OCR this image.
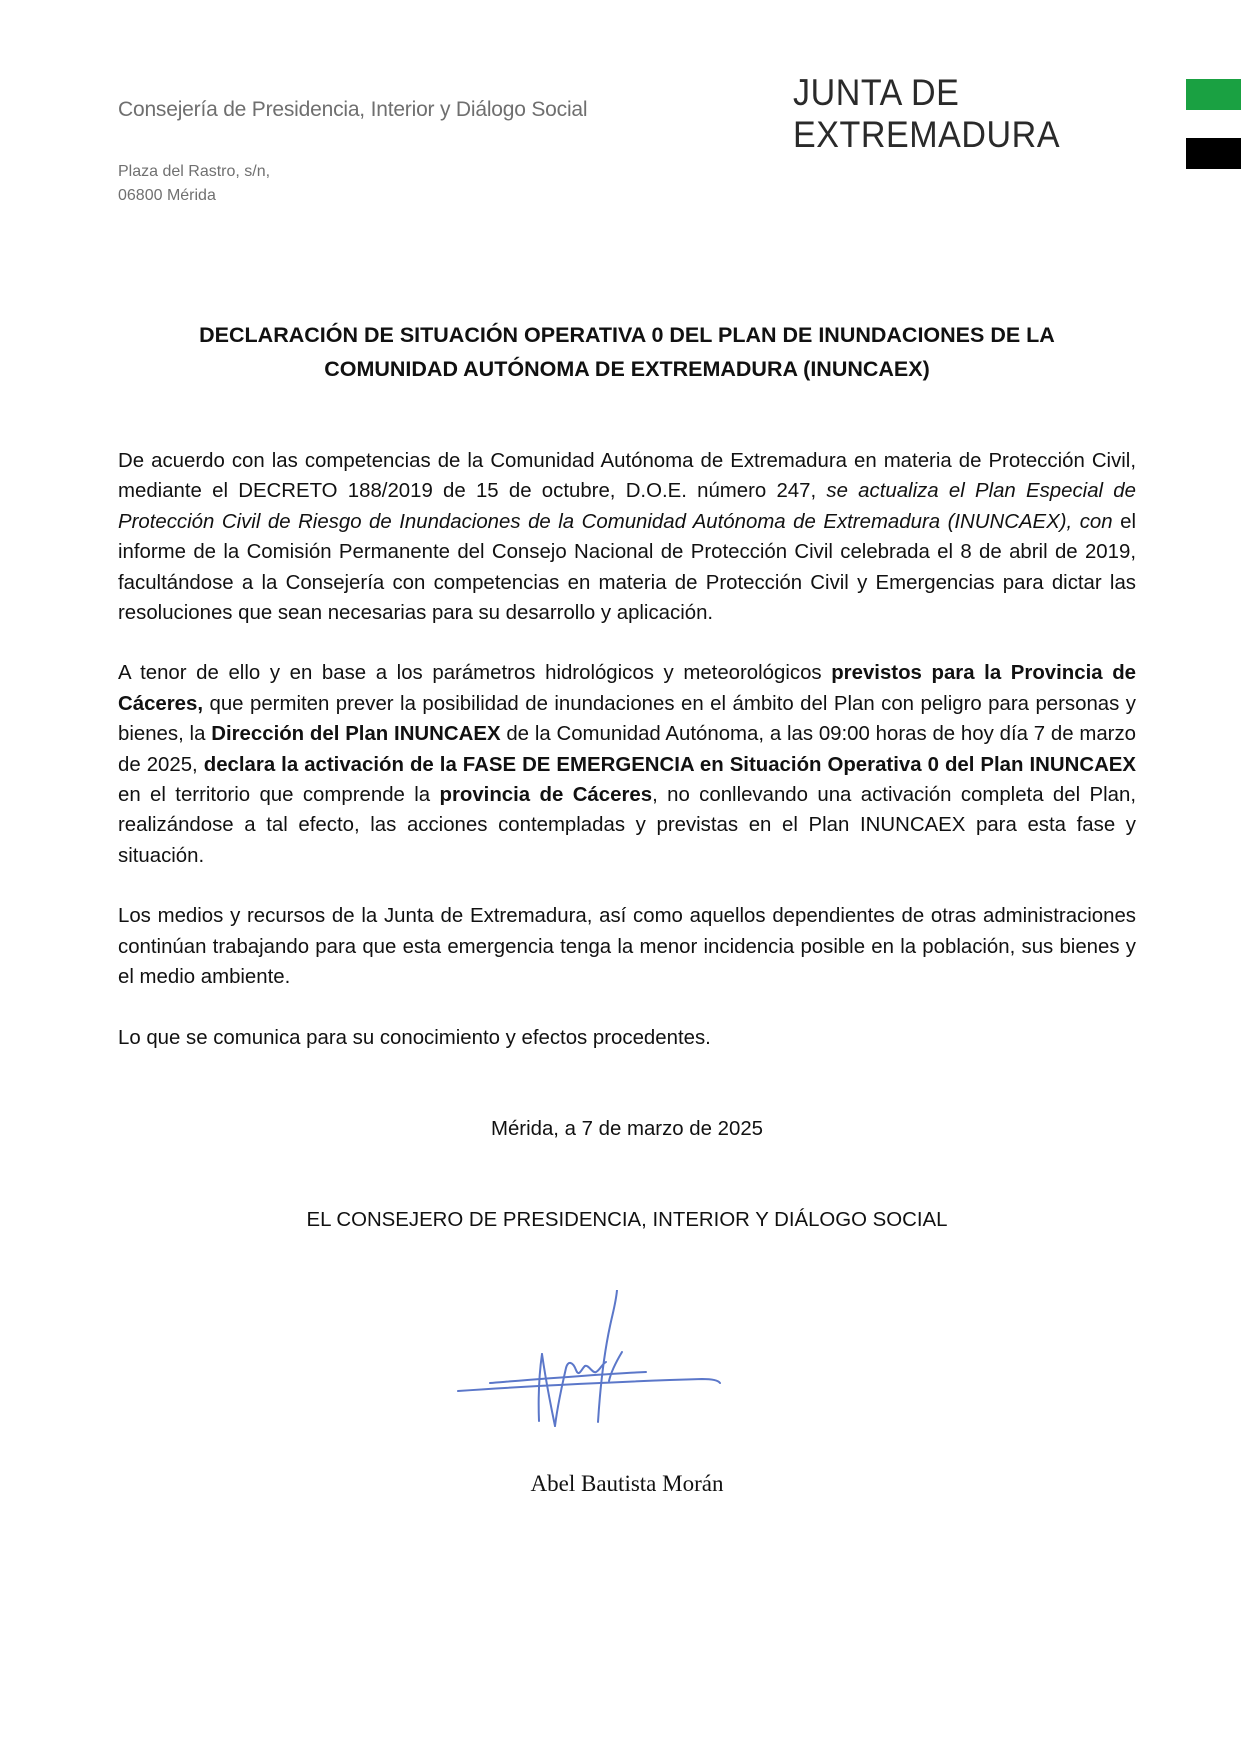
Consejería de Presidencia, Interior y Diálogo Social
Plaza del Rastro, s/n,
06800 Mérida
JUNTA DE EXTREMADURA
DECLARACIÓN DE SITUACIÓN OPERATIVA 0 DEL PLAN DE INUNDACIONES DE LA
COMUNIDAD AUTÓNOMA DE EXTREMADURA (INUNCAEX)

De acuerdo con las competencias de la Comunidad Autónoma de Extremadura en materia de Protección Civil, mediante el DECRETO 188/2019 de 15 de octubre, D.O.E. número 247, se actualiza el Plan Especial de Protección Civil de Riesgo de Inundaciones de la Comunidad Autónoma de Extremadura (INUNCAEX), con el informe de la Comisión Permanente del Consejo Nacional de Protección Civil celebrada el 8 de abril de 2019, facultándose a la Consejería con competencias en materia de Protección Civil y Emergencias para dictar las resoluciones que sean necesarias para su desarrollo y aplicación.

A tenor de ello y en base a los parámetros hidrológicos y meteorológicos previstos para la Provincia de Cáceres, que permiten prever la posibilidad de inundaciones en el ámbito del Plan con peligro para personas y bienes, la Dirección del Plan INUNCAEX de la Comunidad Autónoma, a las 09:00 horas de hoy día 7 de marzo de 2025, declara la activación de la FASE DE EMERGENCIA en Situación Operativa 0 del Plan INUNCAEX en el territorio que comprende la provincia de Cáceres, no conllevando una activación completa del Plan, realizándose a tal efecto, las acciones contempladas y previstas en el Plan INUNCAEX para esta fase y situación.

Los medios y recursos de la Junta de Extremadura, así como aquellos dependientes de otras administraciones continúan trabajando para que esta emergencia tenga la menor incidencia posible en la población, sus bienes y el medio ambiente.

Lo que se comunica para su conocimiento y efectos procedentes.

Mérida, a 7 de marzo de 2025
EL CONSEJERO DE PRESIDENCIA, INTERIOR Y DIÁLOGO SOCIAL
Abel Bautista Morán
